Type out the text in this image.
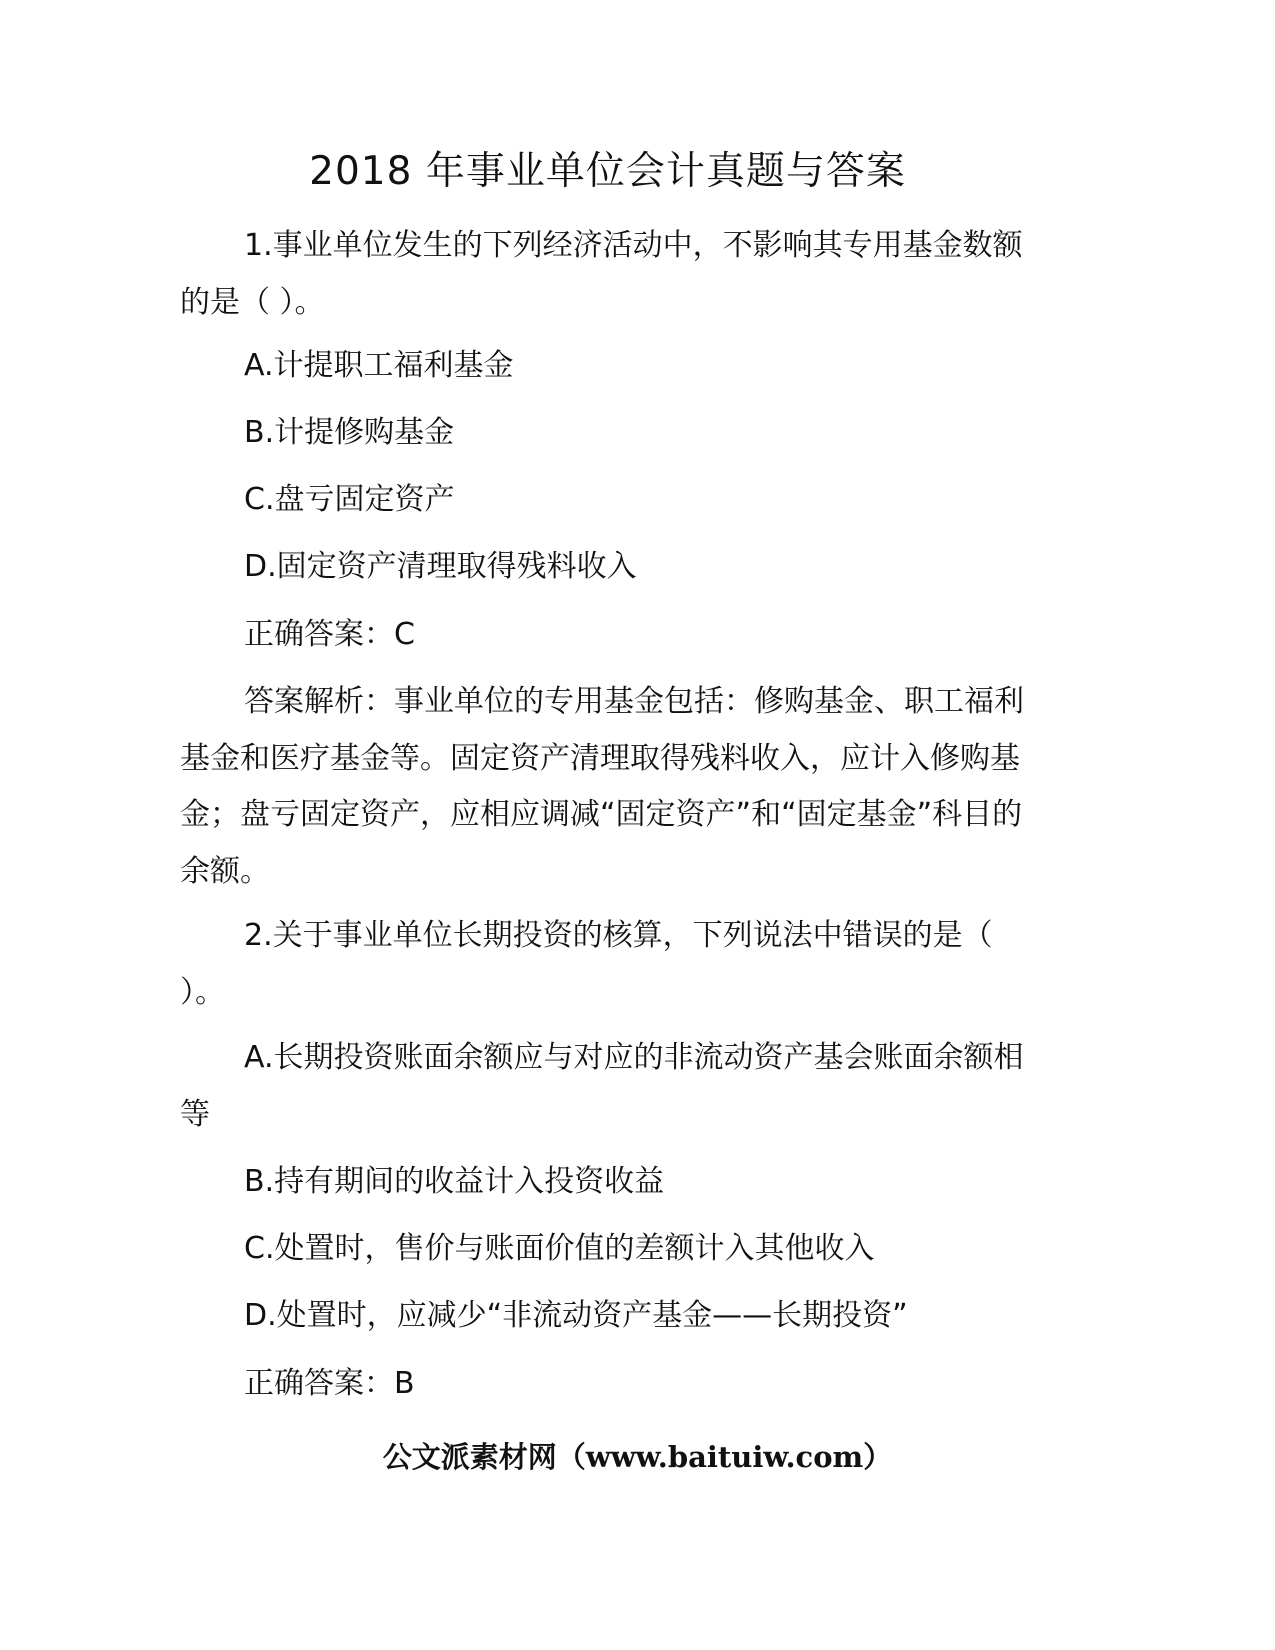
2018 年事业单位会计真题与答案
1.事业单位发生的下列经济活动中，不影响其专用基金数额的是（ ）。
A.计提职工福利基金
B.计提修购基金
C.盘亏固定资产
D.固定资产清理取得残料收入
正确答案：C
答案解析：事业单位的专用基金包括：修购基金、职工福利基金和医疗基金等。固定资产清理取得残料收入，应计入修购基金；盘亏固定资产，应相应调减“固定资产”和“固定基金”科目的余额。
2.关于事业单位长期投资的核算，下列说法中错误的是（ ）。
A.长期投资账面余额应与对应的非流动资产基会账面余额相等
B.持有期间的收益计入投资收益
C.处置时，售价与账面价值的差额计入其他收入
D.处置时，应减少“非流动资产基金——长期投资”
正确答案：B
公文派素材网（www.baituiw.com）
